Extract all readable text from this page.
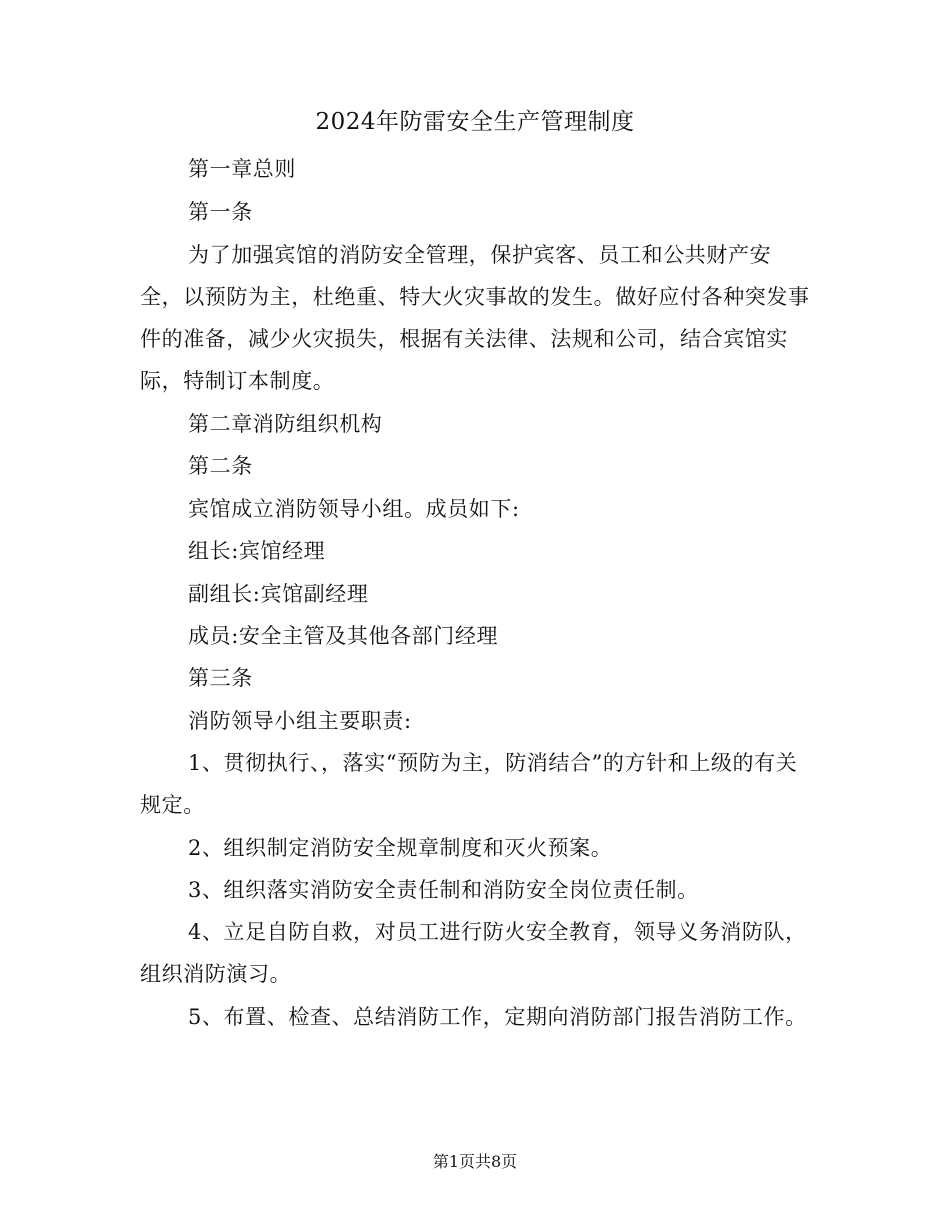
2024年防雷安全生产管理制度
第一章总则
第一条
为了加强宾馆的消防安全管理，保护宾客、员工和公共财产安全，以预防为主，杜绝重、特大火灾事故的发生。做好应付各种突发事件的准备，减少火灾损失，根据有关法律、法规和公司，结合宾馆实际，特制订本制度。
第二章消防组织机构
第二条
宾馆成立消防领导小组。成员如下:
组长:宾馆经理
副组长:宾馆副经理
成员:安全主管及其他各部门经理
第三条
消防领导小组主要职责:
1、贯彻执行、，落实“预防为主，防消结合”的方针和上级的有关规定。
2、组织制定消防安全规章制度和灭火预案。
3、组织落实消防安全责任制和消防安全岗位责任制。
4、立足自防自救，对员工进行防火安全教育，领导义务消防队，组织消防演习。
5、布置、检查、总结消防工作，定期向消防部门报告消防工作。
第1页共8页
